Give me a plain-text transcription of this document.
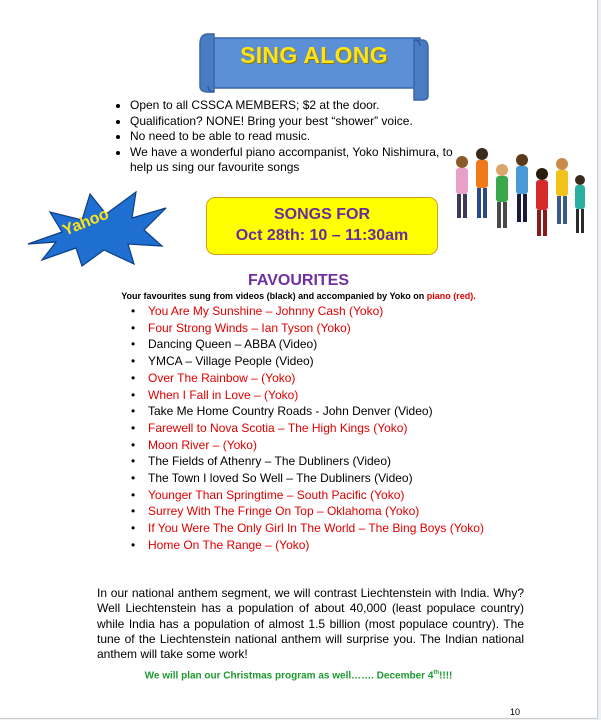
SING ALONG
• Open to all CSSCA MEMBERS; $2 at the door.
• Qualification? NONE! Bring your best “shower” voice.
• No need to be able to read music.
• We have a wonderful piano accompanist, Yoko Nishimura, to help us sing our favourite songs
Yahoo	SONGS FOR
Oct 28th: 10 – 11:30am
FAVOURITES
Your favourites sung from videos (black) and accompanied by Yoko on piano (red).
• You Are My Sunshine – Johnny Cash (Yoko)
• Four Strong Winds – Ian Tyson (Yoko)
• Dancing Queen – ABBA (Video)
• YMCA – Village People (Video)
• Over The Rainbow – (Yoko)
• When I Fall in Love – (Yoko)
• Take Me Home Country Roads - John Denver (Video)
• Farewell to Nova Scotia – The High Kings (Yoko)
• Moon River – (Yoko)
• The Fields of Athenry – The Dubliners (Video)
• The Town I loved So Well – The Dubliners (Video)
• Younger Than Springtime – South Pacific (Yoko)
• Surrey With The Fringe On Top – Oklahoma (Yoko)
• If You Were The Only Girl In The World – The Bing Boys (Yoko)
• Home On The Range – (Yoko)
In our national anthem segment, we will contrast Liechtenstein with India. Why? Well Liechtenstein has a population of about 40,000 (least populace country) while India has a population of almost 1.5 billion (most populace country). The tune of the Liechtenstein national anthem will surprise you. The Indian national anthem will take some work!
We will plan our Christmas program as well……. December 4th!!!!
10
